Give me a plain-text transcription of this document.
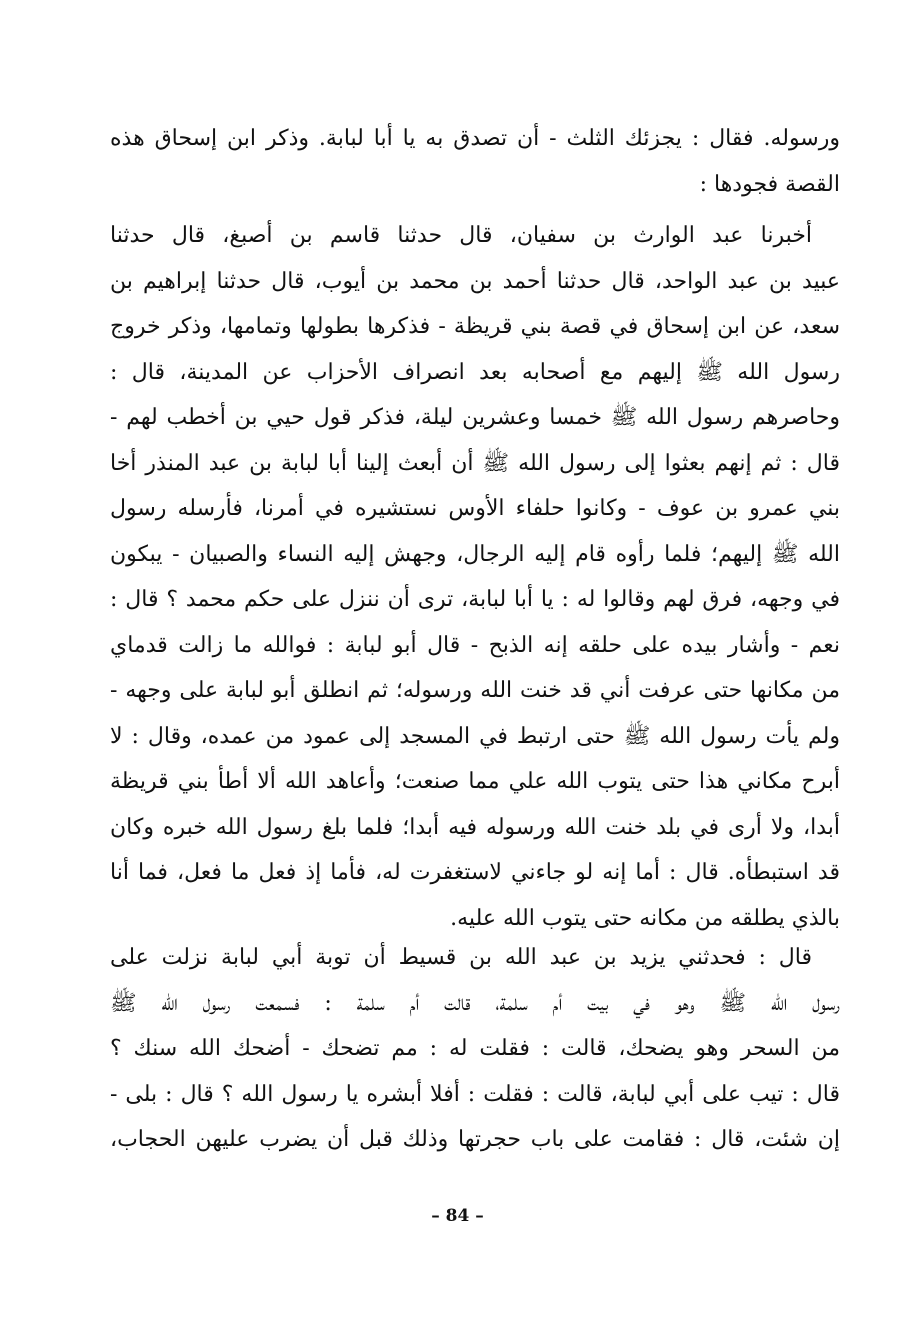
ورسوله. فقال : يجزئك الثلث - أن تصدق به يا أبا لبابة. وذكر ابن إسحاق هذه
القصة فجودها :
أخبرنا عبد الوارث بن سفيان، قال حدثنا قاسم بن أصبغ، قال حدثنا
عبيد بن عبد الواحد، قال حدثنا أحمد بن محمد بن أيوب، قال حدثنا إبراهيم بن
سعد، عن ابن إسحاق في قصة بني قريظة - فذكرها بطولها وتمامها، وذكر خروج
رسول الله ﷺ إليهم مع أصحابه بعد انصراف الأحزاب عن المدينة، قال :
وحاصرهم رسول الله ﷺ خمسا وعشرين ليلة، فذكر قول حيي بن أخطب لهم -
قال : ثم إنهم بعثوا إلى رسول الله ﷺ أن أبعث إلينا أبا لبابة بن عبد المنذر أخا
بني عمرو بن عوف - وكانوا حلفاء الأوس نستشيره في أمرنا، فأرسله رسول
الله ﷺ إليهم؛ فلما رأوه قام إليه الرجال، وجهش إليه النساء والصبيان - يبكون
في وجهه، فرق لهم وقالوا له : يا أبا لبابة، ترى أن ننزل على حكم محمد ؟ قال :
نعم - وأشار بيده على حلقه إنه الذبح - قال أبو لبابة : فوالله ما زالت قدماي
من مكانها حتى عرفت أني قد خنت الله ورسوله؛ ثم انطلق أبو لبابة على وجهه -
ولم يأت رسول الله ﷺ حتى ارتبط في المسجد إلى عمود من عمده، وقال : لا
أبرح مكاني هذا حتى يتوب الله علي مما صنعت؛ وأعاهد الله ألا أطأ بني قريظة
أبدا، ولا أرى في بلد خنت الله ورسوله فيه أبدا؛ فلما بلغ رسول الله خبره وكان
قد استبطأه. قال : أما إنه لو جاءني لاستغفرت له، فأما إذ فعل ما فعل، فما أنا
بالذي يطلقه من مكانه حتى يتوب الله عليه.
قال : فحدثني يزيد بن عبد الله بن قسيط أن توبة أبي لبابة نزلت على
رسول الله ﷺ وهو في بيت أم سلمة، قالت أم سلمة : فسمعت رسول الله ﷺ
من السحر وهو يضحك، قالت : فقلت له : مم تضحك - أضحك الله سنك ؟
قال : تيب على أبي لبابة، قالت : فقلت : أفلا أبشره يا رسول الله ؟ قال : بلى -
إن شئت، قال : فقامت على باب حجرتها وذلك قبل أن يضرب عليهن الحجاب،
– 84 –
